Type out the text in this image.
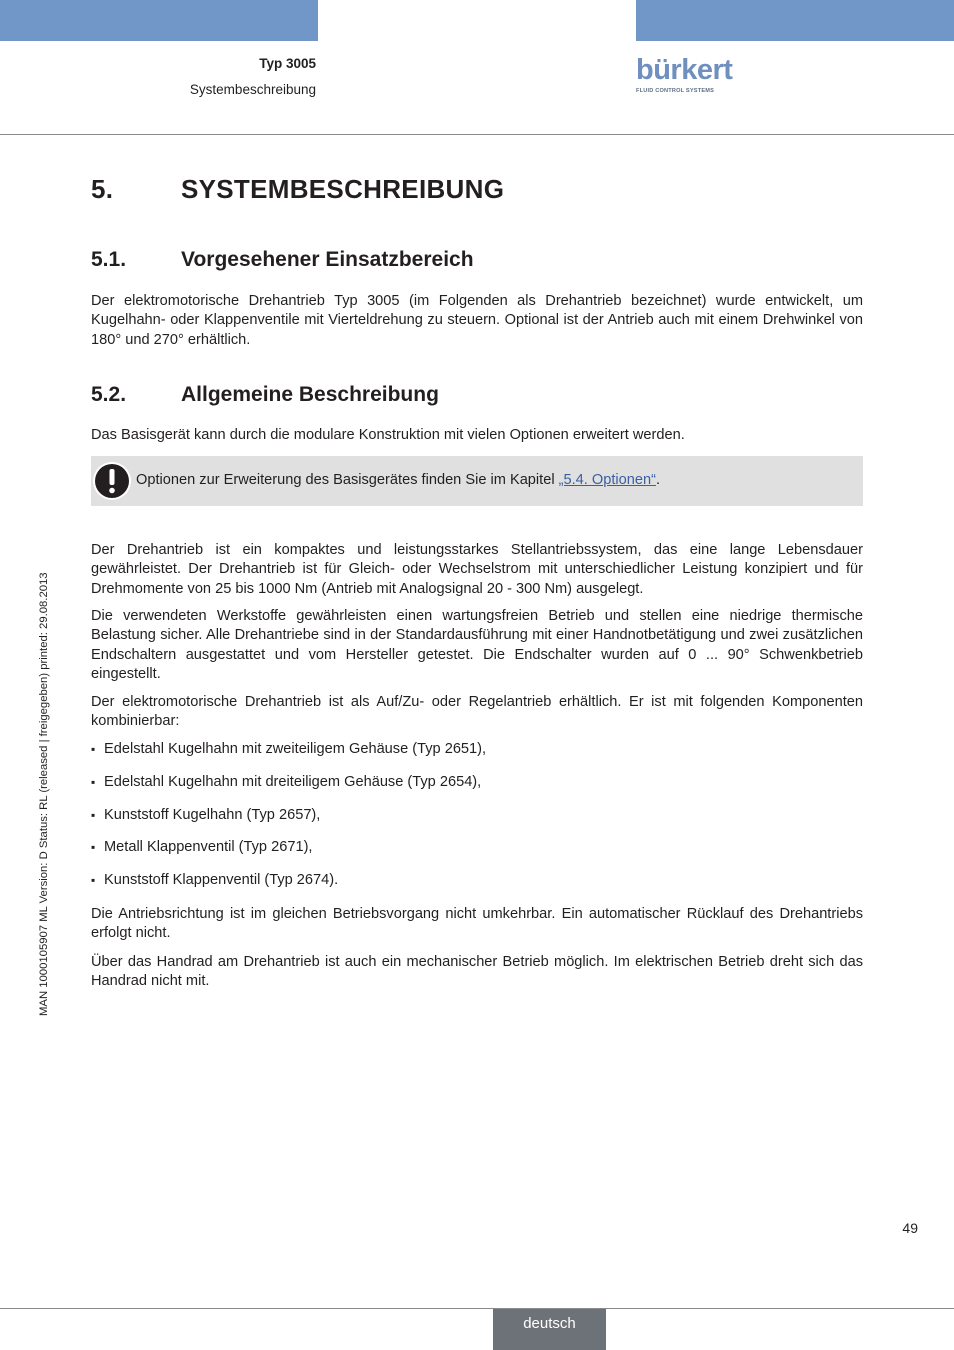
Typ 3005
Systembeschreibung
bürkert
FLUID CONTROL SYSTEMS
5.	SYSTEMBESCHREIBUNG
5.1.	Vorgesehener Einsatzbereich
Der elektromotorische Drehantrieb Typ 3005 (im Folgenden als Drehantrieb bezeichnet) wurde entwickelt, um Kugelhahn- oder Klappenventile mit Vierteldrehung zu steuern. Optional ist der Antrieb auch mit einem Drehwinkel von 180° und 270° erhältlich.
5.2.	Allgemeine Beschreibung
Das Basisgerät kann durch die modulare Konstruktion mit vielen Optionen erweitert werden.
Optionen zur Erweiterung des Basisgerätes finden Sie im Kapitel „5.4. Optionen“.
Der Drehantrieb ist ein kompaktes und leistungsstarkes Stellantriebssystem, das eine lange Lebensdauer gewährleistet. Der Drehantrieb ist für Gleich- oder Wechselstrom mit unterschiedlicher Leistung konzipiert und für Drehmomente von 25 bis 1000 Nm (Antrieb mit Analogsignal 20 - 300 Nm) ausgelegt.
Die verwendeten Werkstoffe gewährleisten einen wartungsfreien Betrieb und stellen eine niedrige thermische Belastung sicher. Alle Drehantriebe sind in der Standardausführung mit einer Handnotbetätigung und zwei zusätzlichen Endschaltern ausgestattet und vom Hersteller getestet. Die Endschalter wurden auf 0 ... 90° Schwenkbetrieb eingestellt.
Der elektromotorische Drehantrieb ist als Auf/Zu- oder Regelantrieb erhältlich. Er ist mit folgenden Komponenten kombinierbar:
▪ Edelstahl Kugelhahn mit zweiteiligem Gehäuse (Typ 2651),
▪ Edelstahl Kugelhahn mit dreiteiligem Gehäuse (Typ 2654),
▪ Kunststoff Kugelhahn (Typ 2657),
▪ Metall Klappenventil (Typ 2671),
▪ Kunststoff Klappenventil (Typ 2674).
Die Antriebsrichtung ist im gleichen Betriebsvorgang nicht umkehrbar. Ein automatischer Rücklauf des Drehantriebs erfolgt nicht.
Über das Handrad am Drehantrieb ist auch ein mechanischer Betrieb möglich. Im elektrischen Betrieb dreht sich das Handrad nicht mit.
MAN 1000105907 ML Version: D Status: RL (released | freigegeben) printed: 29.08.2013
49
deutsch
